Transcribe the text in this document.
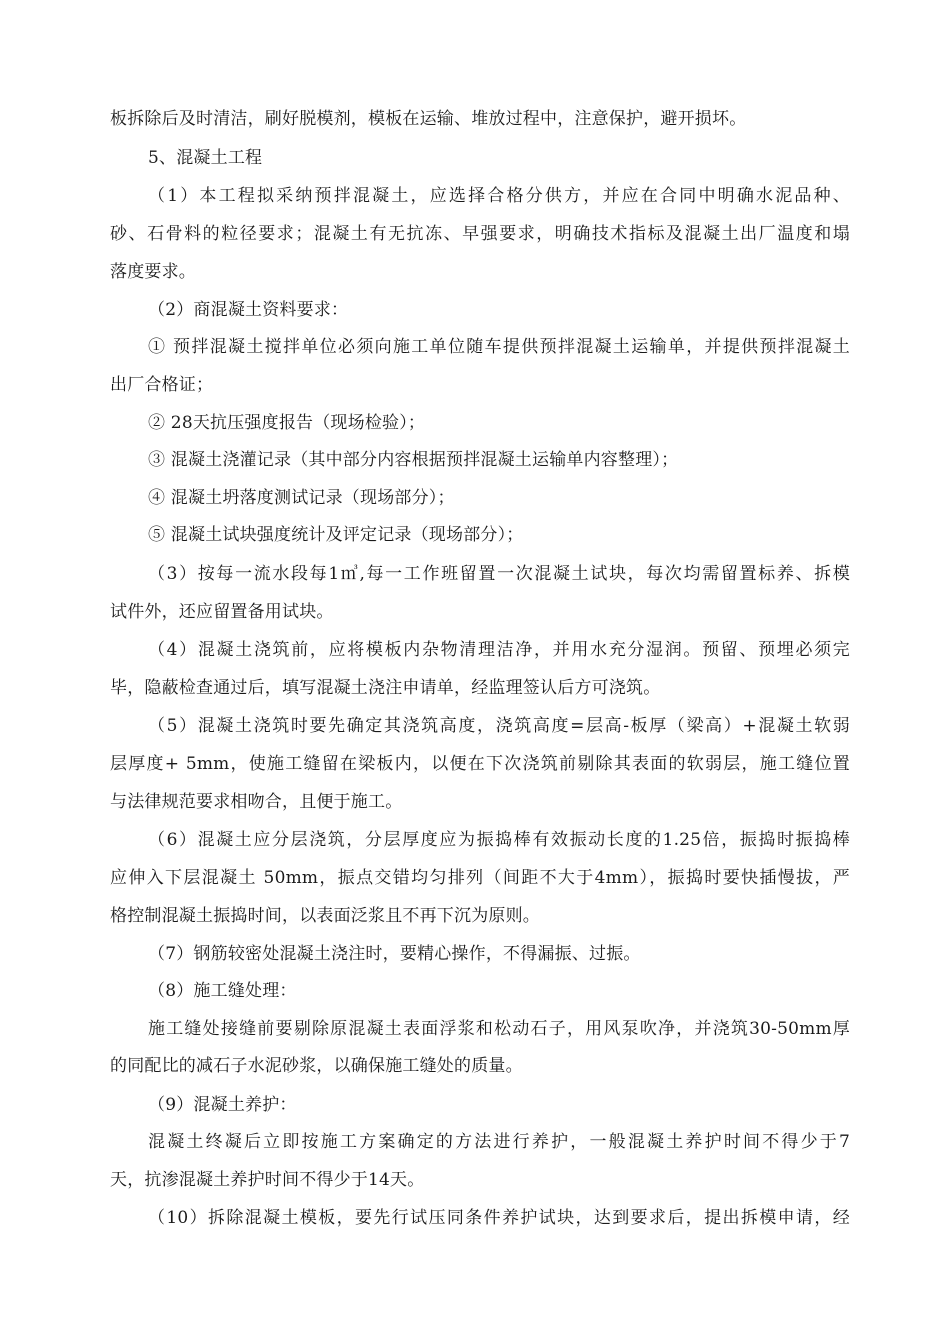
板拆除后及时清洁，刷好脱模剂，模板在运输、堆放过程中，注意保护，避开损坏。
5、混凝土工程
（1）本工程拟采纳预拌混凝土，应选择合格分供方，并应在合同中明确水泥品种、
砂、石骨料的粒径要求；混凝土有无抗冻、早强要求，明确技术指标及混凝土出厂温度和塌
落度要求。
（2）商混凝土资料要求：
① 预拌混凝土搅拌单位必须向施工单位随车提供预拌混凝土运输单，并提供预拌混凝土
出厂合格证；
② 28天抗压强度报告（现场检验）；
③ 混凝土浇灌记录（其中部分内容根据预拌混凝土运输单内容整理）；
④ 混凝土坍落度测试记录（现场部分）；
⑤ 混凝土试块强度统计及评定记录（现场部分）；
（3）按每一流水段每1㎥,每一工作班留置一次混凝土试块，每次均需留置标养、拆模
试件外，还应留置备用试块。
（4）混凝土浇筑前，应将模板内杂物清理洁净，并用水充分湿润。预留、预埋必须完
毕，隐蔽检查通过后，填写混凝土浇注申请单，经监理签认后方可浇筑。
（5）混凝土浇筑时要先确定其浇筑高度，浇筑高度=层高-板厚（梁高）+混凝土软弱
层厚度+ 5mm，使施工缝留在梁板内，以便在下次浇筑前剔除其表面的软弱层，施工缝位置
与法律规范要求相吻合，且便于施工。
（6）混凝土应分层浇筑，分层厚度应为振捣棒有效振动长度的1.25倍，振捣时振捣棒
应伸入下层混凝土 50mm，振点交错均匀排列（间距不大于4mm），振捣时要快插慢拔，严
格控制混凝土振捣时间，以表面泛浆且不再下沉为原则。
（7）钢筋较密处混凝土浇注时，要精心操作，不得漏振、过振。
（8）施工缝处理：
施工缝处接缝前要剔除原混凝土表面浮浆和松动石子，用风泵吹净，并浇筑30-50mm厚
的同配比的减石子水泥砂浆，以确保施工缝处的质量。
（9）混凝土养护：
混凝土终凝后立即按施工方案确定的方法进行养护，一般混凝土养护时间不得少于7
天，抗渗混凝土养护时间不得少于14天。
（10）拆除混凝土模板，要先行试压同条件养护试块，达到要求后，提出拆模申请，经
